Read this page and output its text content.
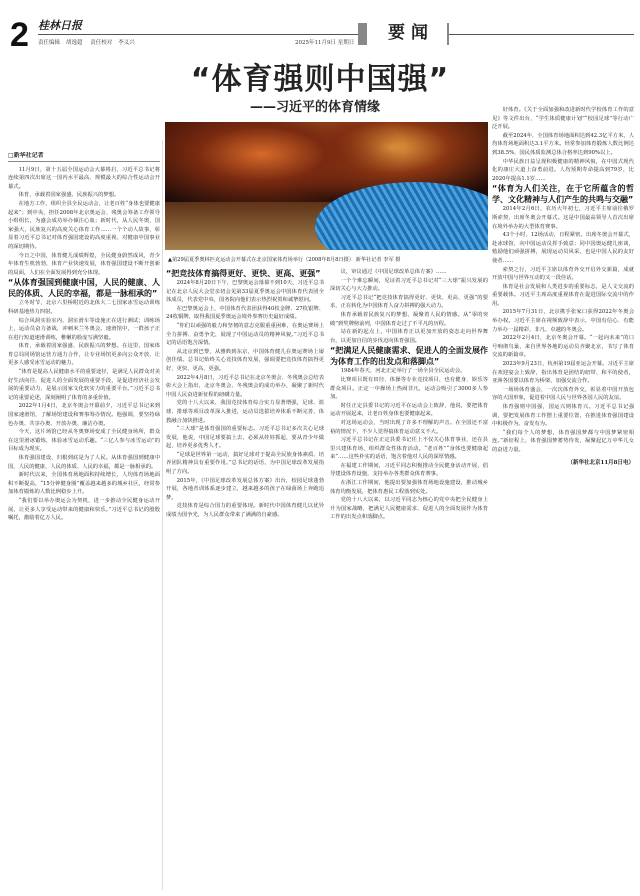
2 桂林日报
责任编辑 胡逸超 责任校对 李义兴	2025年11月9日 星期日 要闻
“体育强则中国强”
——习近平的体育情缘
▲第29届夏季奥林匹克运动会开幕式在北京国家体育场举行（2008年8月8日摄） 新华社记者 李军 摄

□新华社记者

11月9日，第十五届全国运动会大幕将启，习近平总书记将连续第四次出席这一国内水平最高、规模最大的综合性运动会开幕式。

体育，承载着国家强盛、民族振兴的梦想。

在地方工作，组织全县全民运动会，让老百姓“身体也要健康起来”；到中央，担任2008年北京奥运会、残奥会筹备工作领导小组组长，为盛会成功举办倾注心血；新时代，从人民冬奥，国家强大，民族复兴的高度关心体育工作……一个个动人故事，彰显着习近平总书记对体育强国建设的高度重视、对健康中国事业的深切期待。

今日之中国，体育健儿成绩辉煌，全民健身蔚然成风，青少年体育生机勃勃，体育产业快速发展，体育强国建设不断开创新的局面，人们在全面发展得到充分体现。

“从体育强国到健康中国，人民的健康、人民的体质、人民的幸福，都是一脉相承的”

立冬时节，北京六里桥附近的北体大二七国家冰雪运动训练科研基地热力四射。

综合风洞实验室内，洞室滑车等设施正在进行测试；训练场上，运动员奋力备战，冲刺米兰冬奥会。速滑馆中，一群孩子正在进行短道速滑训练，稚嫩的脸庞写满坚毅。

体育，承载着国家强盛、民族振兴的梦想。在这里，国家体育总局同场馆运营方通力合作，让专业场馆更多向公众开放，让更多人感受冰雪运动的魅力。

“体育是提高人民健康水平的重要途径，是满足人民群众对美好生活向往、促进人的全面发展的重要手段，是促进经济社会发展的重要动力，是展示国家文化软实力的重要平台。”习近平总书记的重要论述，深刻阐明了体育的多重价值。

2022年1月4日，北京冬奥会开幕前夕，习近平总书记来到国家速滑馆，了解场馆建设和赛事筹办情况。他强调，要坚持绿色办奥、共享办奥、开放办奥、廉洁办奥。

今天，这片场馆已经从冬奥赛场变成了全民健身场所，群众在这里滑冰锻炼，体验冰雪运动乐趣。“三亿人参与冰雪运动”的目标成为现实。

体育强国建设，归根到底是为了人民。从体育强国到健康中国，人民的健康、人民的体质、人民的幸福，都是一脉相承的。

新时代以来，全国体育场地面积持续增长，人均体育场地面积不断提高，“15分钟健身圈”覆盖越来越多的城乡社区，经常参加体育锻炼的人数比例稳步上升。

“我们要以举办奥运会为契机，进一步推动全民健身运动开展，让更多人享受运动带来的健康和快乐。”习近平总书记的殷殷嘱托，激励着亿万人民。

“把竞技体育搞得更好、更快、更高、更强”

2024年8月20日下午，巴黎奥运会落幕不到10天，习近平总书记在北京人民大会堂亲切会见第33届夏季奥运会中国体育代表团全体成员，代表党中央、国务院向他们表示热烈祝贺和诚挚慰问。

在巴黎奥运会上，中国体育代表团获得40枚金牌、27枚银牌、24枚铜牌，取得我国夏季奥运会境外参赛历史最好成绩。

“你们以顽强的毅力和坚韧的意志克服重重困难，在奥运赛场上全力拼搏、奋勇争先，展现了中国运动员的精神风貌。”习近平总书记的话语饱含深情。

从北京到巴黎，从雅典到东京，中国体育健儿在奥运赛场上屡创佳绩。总书记始终关心竞技体育发展，强调要把竞技体育搞得更好、更快、更高、更强。

2022年4月8日，习近平总书记在北京冬奥会、冬残奥会总结表彰大会上指出，北京冬奥会、冬残奥会的成功举办，凝聚了新时代中国人民奋进新征程的磅礴力量。

党的十八大以来，我国竞技体育综合实力显著增强，足球、篮球、排球等项目改革深入推进，运动员选拔培养体系不断完善，体教融合加快推进。

“三大球”是体育强国的重要标志。习近平总书记多次关心足球发展，他说，中国足球要搞上去，必须从娃娃抓起，要从青少年做起，培养更多优秀人才。

“足球是世界第一运动，搞好足球对于提高全民族身体素质、培养团队精神具有重要作用。”总书记的话语，为中国足球改革发展指明了方向。

2015年，《中国足球改革发展总体方案》出台，校园足球蓬勃开展，各地青训体系逐步建立，越来越多的孩子在绿茵场上奔跑追梦。

竞技体育是综合国力的重要体现。新时代中国体育健儿以优异成绩为国争光，为人民群众带来了满满的自豪感。

议，审议通过《中国足球改革总体方案》……

一个个难忘瞬间，见证着习近平总书记对“三大球”振兴发展的深切关心与大力推动。

习近平总书记“把竞技体育搞得更好、更快、更高、更强”的要求，正在转化为中国体育人奋力拼搏的强大动力。

体育承载着民族复兴的梦想，凝聚着人民的情感。从“零的突破”到奖牌榜前列，中国体育走过了不平凡的历程。

站在新的起点上，中国体育正以更加开放的姿态走向世界舞台，以更加自信的步伐迈向体育强国。

“把满足人民健康需求、促进人的全面发展作为体育工作的出发点和落脚点”

1984年春天，河北正定举行了一场全县全民运动会。

比赛项目既有田径、体操等专业竞技项目，也有健身、娱乐等群众项目。正定一中操场上热闹非凡，运动会吸引了3000多人参加。

时任正定县委书记的习近平在运动会上致辞，他说，要把体育运动开展起来，让老百姓身体也要健康起来。

对这场运动会，当时出现了许多不理解的声音。在全国还不富裕的情况下，不少人觉得搞体育运动意义不大。

习近平总书记在正定县委书记任上不仅关心体育事业，还在县里兴建体育场，组织群众性体育活动。“老百姓”“身体也要健康起来”……这些朴实的话语，饱含着他对人民的深厚情感。

在福建工作期间，习近平同志积极推动全民健身活动开展，倡导建设体育设施，支持举办各类群众体育赛事。

在浙江工作期间，他提出要加强体育场地设施建设，推动城乡体育均衡发展，把体育惠民工程落到实处。

党的十八大以来，以习近平同志为核心的党中央把全民健身上升为国家战略，把满足人民健康需求、促进人的全面发展作为体育工作的出发点和落脚点。

好体育。《关于全面加强和改进新时代学校体育工作的意见》等文件出台，“学生体质健康计划”“校园足球”等行动广泛开展。

截至2024年，全国体育场地面积达到42.3亿平方米，人均体育场地面积达3.1平方米。经常参加体育锻炼人数比例达到38.5%，国民体质监测总体合格率达到90%以上。

中华民族日益呈现积极健康的精神风貌，在中国式现代化的康庄大道上奋勇前进。人均预期寿命提高到79岁，比2020年提高1.1岁……

“体育为人们关注，在于它所蕴含的哲学、文化精神与人们产生的共鸣与交融”

2014年2月6日，农历大年初七，习近平主席前往俄罗斯索契，出席冬奥会开幕式。这是中国最高领导人首次出席在境外举办的大型体育赛事。

43个小时，12场活动，日程紧密。出席冬奥会开幕式，赴冰球馆，向中国运动员挥手致意；同中国奥运健儿座谈，勉励他们顽强拼搏，展现运动员风采，也是中国人民的友好使者……

索契之行，习近平主席以体育外交开启外交新篇，成就开放中国与世界互动的又一段佳话。

体育是社会发展和人类进步的重要标志，是人文交流的重要载体。习近平主席高度重视体育在促进国际交流中的作用。

2015年7月31日，北京携手张家口获得2022年冬奥会举办权。习近平主席在视频致辞中表示，中国有信心、有能力举办一届精彩、非凡、卓越的冬奥会。

2022年2月4日，北京冬奥会开幕。“一起向未来”的口号响彻鸟巢，来自世界各地的运动员齐聚北京，书写了体育交流的新篇章。

2023年9月23日，杭州第19届亚运会开幕。习近平主席在欢迎宴会上致辞，指出体育是团结的纽带、和平的使者，亚洲各国要以体育为桥梁，加强交流合作。

一场场体育盛会，一次次体育外交，彰显着中国开放包容的大国形象，促进着中国人民与世界各国人民的友谊。

体育强则中国强，国运兴则体育兴。习近平总书记强调，要把发展体育工作摆上重要位置，在推进体育强国建设中积极作为、奋发有为。

“我们每个人的梦想，体育强国梦都与中国梦紧密相连。”新征程上，体育强国梦蓄势待发，凝聚起亿万中华儿女的奋进力量。

（新华社北京11月8日电）
